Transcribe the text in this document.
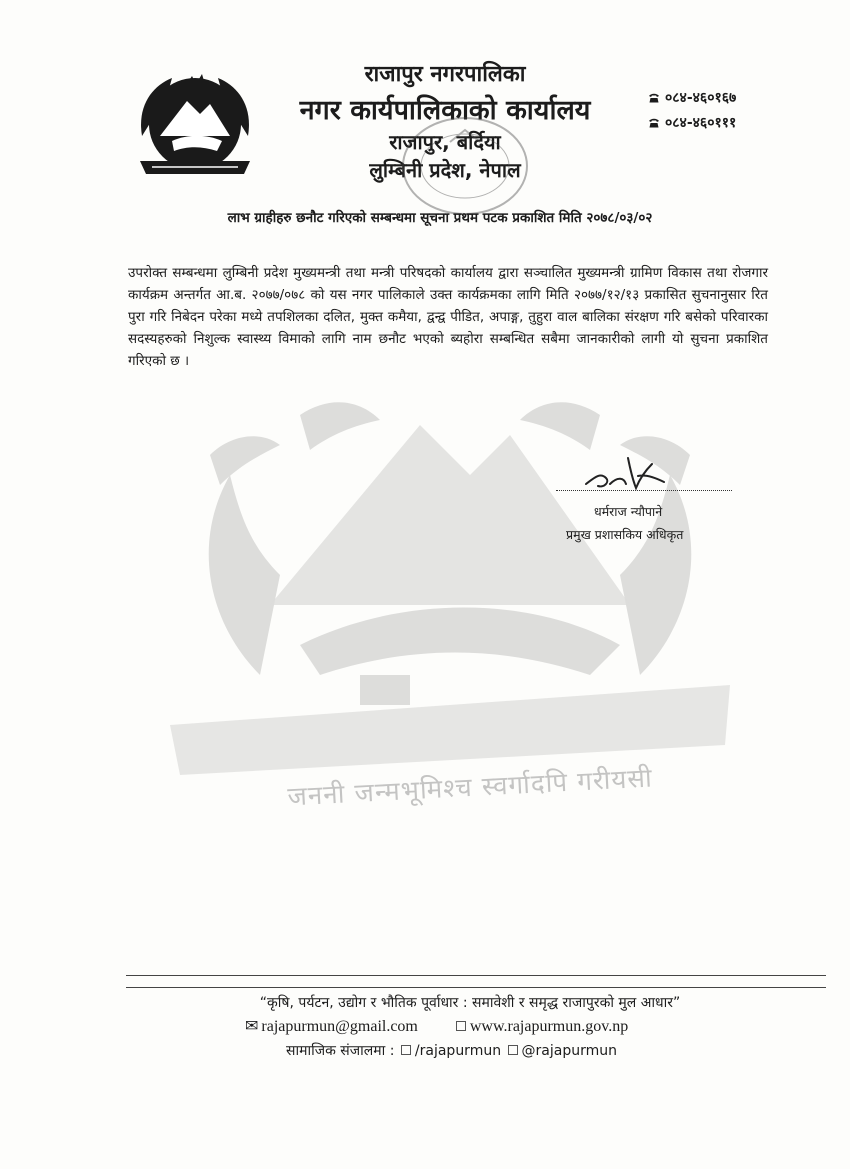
जननी जन्मभूमिश्च स्वर्गादपि गरीयसी
राजापुर नगरपालिका
नगर कार्यपालिकाको कार्यालय
राजापुर, बर्दिया
लुम्बिनी प्रदेश, नेपाल
०८४-४६०१६७
०८४-४६०१११
लाभ ग्राहीहरु छनौट गरिएको सम्बन्धमा सूचना प्रथम पटक प्रकाशित मिति २०७८/०३/०२

उपरोक्त सम्बन्धमा लुम्बिनी प्रदेश मुख्यमन्त्री तथा मन्त्री परिषदको कार्यालय द्वारा सञ्चालित मुख्यमन्त्री ग्रामिण विकास तथा रोजगार कार्यक्रम अन्तर्गत आ.ब. २०७७/०७८ को यस नगर पालिकाले उक्त कार्यक्रमका लागि मिति २०७७/१२/१३ प्रकासित सुचनानुसार रित पुरा गरि निबेदन परेका मध्ये तपशिलका दलित, मुक्त कमैया, द्वन्द्व पीडित, अपाङ्ग, तुहुरा वाल बालिका संरक्षण गरि बसेको परिवारका सदस्यहरुको निशुल्क स्वास्थ्य विमाको लागि नाम छनौट भएको ब्यहोरा सम्बन्धित सबैमा जानकारीको लागी यो सुचना प्रकाशित गरिएको छ ।

धर्मराज न्यौपाने
प्रमुख प्रशासकिय अधिकृत
“कृषि, पर्यटन, उद्योग र भौतिक पूर्वाधार : समावेशी र समृद्ध राजापुरको मुल आधार”
✉ rajapurmun@gmail.com	www.rajapurmun.gov.np
सामाजिक संजालमा : /rajapurmun @rajapurmun
